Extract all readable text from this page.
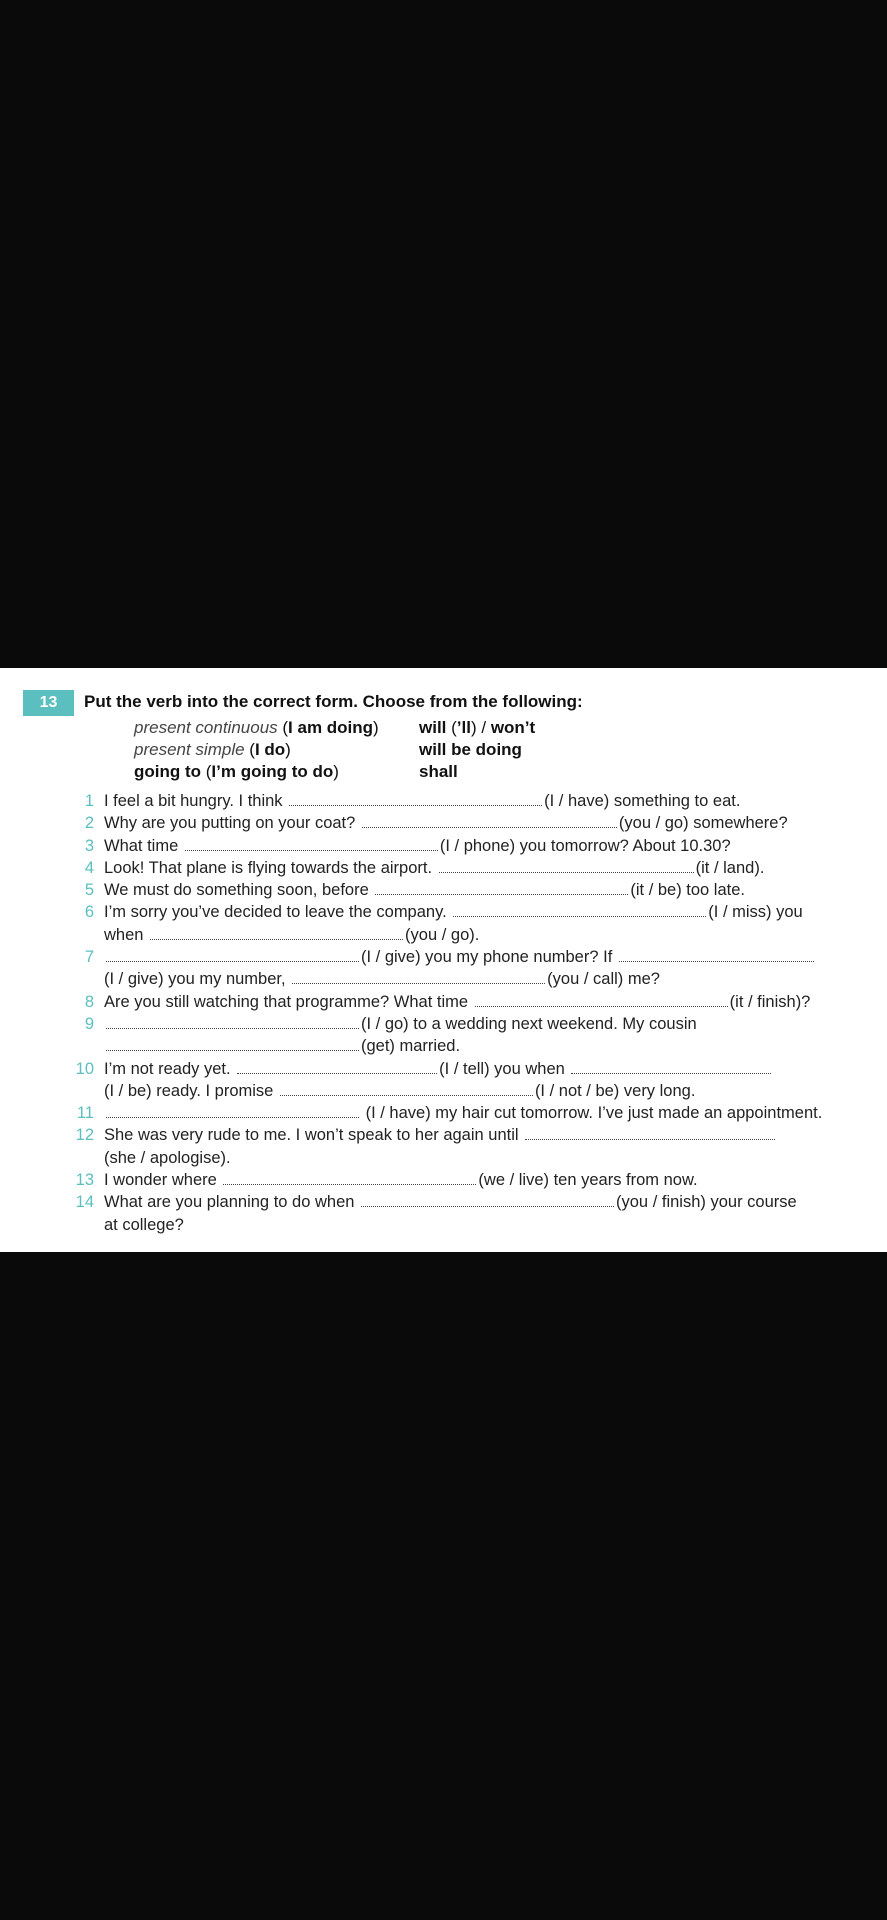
13	Put the verb into the correct form. Choose from the following:
present continuous (I am doing) will (’ll) / won’t
present simple (I do)	will be doing
going to (I’m going to do)	shall
1 I feel a bit hungry. I think	(I / have) something to eat.
2 Why are you putting on your coat?	(you / go) somewhere?
3 What time	(I / phone) you tomorrow? About 10.30?
4 Look! That plane is flying towards the airport.	(it / land).
5 We must do something soon, before	(it / be) too late.
6 I’m sorry you’ve decided to leave the company.	(I / miss) you
when	(you / go).
7	(I / give) you my phone number? If
(I / give) you my number,	(you / call) me?
8 Are you still watching that programme? What time	(it / finish)?
9	(I / go) to a wedding next weekend. My cousin
(get) married.
10 I’m not ready yet.	(I / tell) you when
(I / be) ready. I promise	(I / not / be) very long.
11	(I / have) my hair cut tomorrow. I’ve just made an appointment.
12 She was very rude to me. I won’t speak to her again until
(she / apologise).
13 I wonder where	(we / live) ten years from now.
14 What are you planning to do when	(you / finish) your course
at college?
